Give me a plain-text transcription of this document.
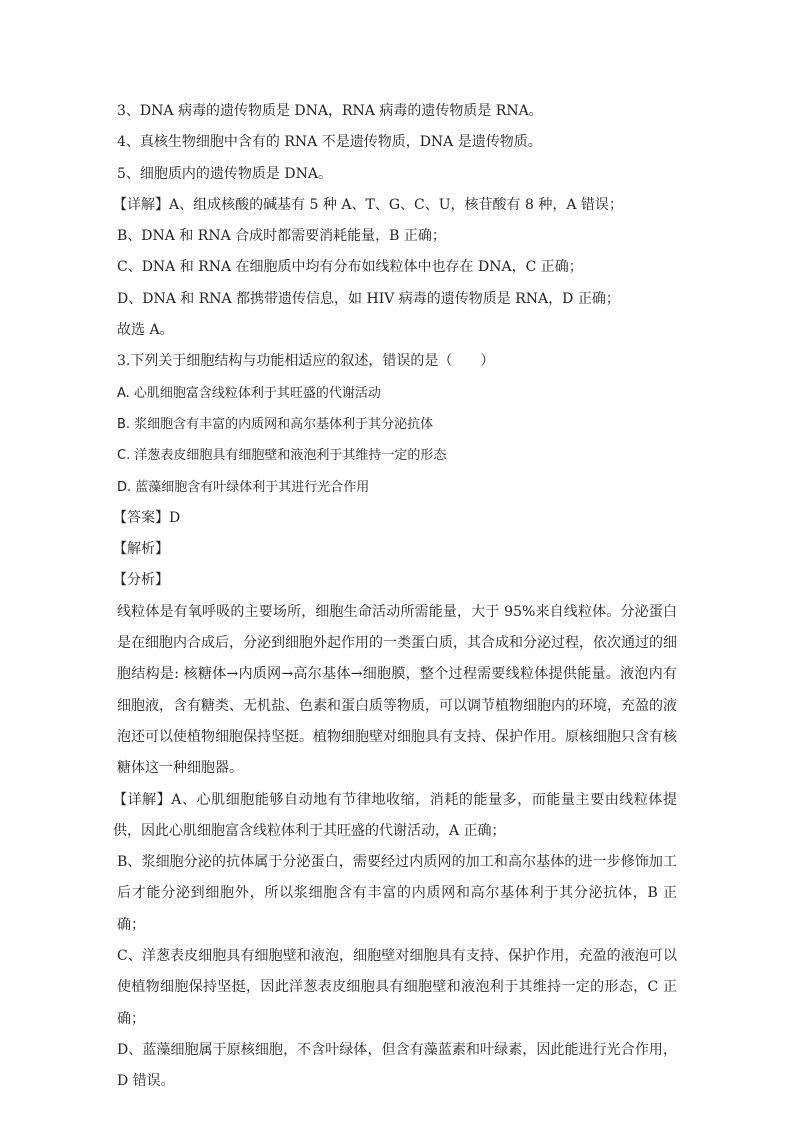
3、DNA 病毒的遗传物质是 DNA，RNA 病毒的遗传物质是 RNA。
4、真核生物细胞中含有的 RNA 不是遗传物质，DNA 是遗传物质。
5、细胞质内的遗传物质是 DNA。
【详解】A、组成核酸的碱基有 5 种 A、T、G、C、U，核苷酸有 8 种，A 错误；
B、DNA 和 RNA 合成时都需要消耗能量，B 正确；
C、DNA 和 RNA 在细胞质中均有分布如线粒体中也存在 DNA，C 正确；
D、DNA 和 RNA 都携带遗传信息，如 HIV 病毒的遗传物质是 RNA，D 正确；
故选 A。
3.下列关于细胞结构与功能相适应的叙述，错误的是（　　）
A. 心肌细胞富含线粒体利于其旺盛的代谢活动
B. 浆细胞含有丰富的内质网和高尔基体利于其分泌抗体
C. 洋葱表皮细胞具有细胞壁和液泡利于其维持一定的形态
D. 蓝藻细胞含有叶绿体利于其进行光合作用
【答案】D
【解析】
【分析】
线粒体是有氧呼吸的主要场所，细胞生命活动所需能量，大于 95%来自线粒体。分泌蛋白是在细胞内合成后，分泌到细胞外起作用的一类蛋白质，其合成和分泌过程，依次通过的细胞结构是: 核糖体→内质网→高尔基体→细胞膜，整个过程需要线粒体提供能量。液泡内有细胞液，含有糖类、无机盐、色素和蛋白质等物质，可以调节植物细胞内的环境，充盈的液泡还可以使植物细胞保持坚挺。植物细胞壁对细胞具有支持、保护作用。原核细胞只含有核糖体这一种细胞器。
【详解】A、心肌细胞能够自动地有节律地收缩，消耗的能量多，而能量主要由线粒体提供，因此心肌细胞富含线粒体利于其旺盛的代谢活动，A 正确；
B、浆细胞分泌的抗体属于分泌蛋白，需要经过内质网的加工和高尔基体的进一步修饰加工后才能分泌到细胞外，所以浆细胞含有丰富的内质网和高尔基体利于其分泌抗体，B 正确；
C、洋葱表皮细胞具有细胞壁和液泡，细胞壁对细胞具有支持、保护作用，充盈的液泡可以使植物细胞保持坚挺，因此洋葱表皮细胞具有细胞壁和液泡利于其维持一定的形态，C 正确；
D、蓝藻细胞属于原核细胞，不含叶绿体，但含有藻蓝素和叶绿素，因此能进行光合作用，D 错误。
